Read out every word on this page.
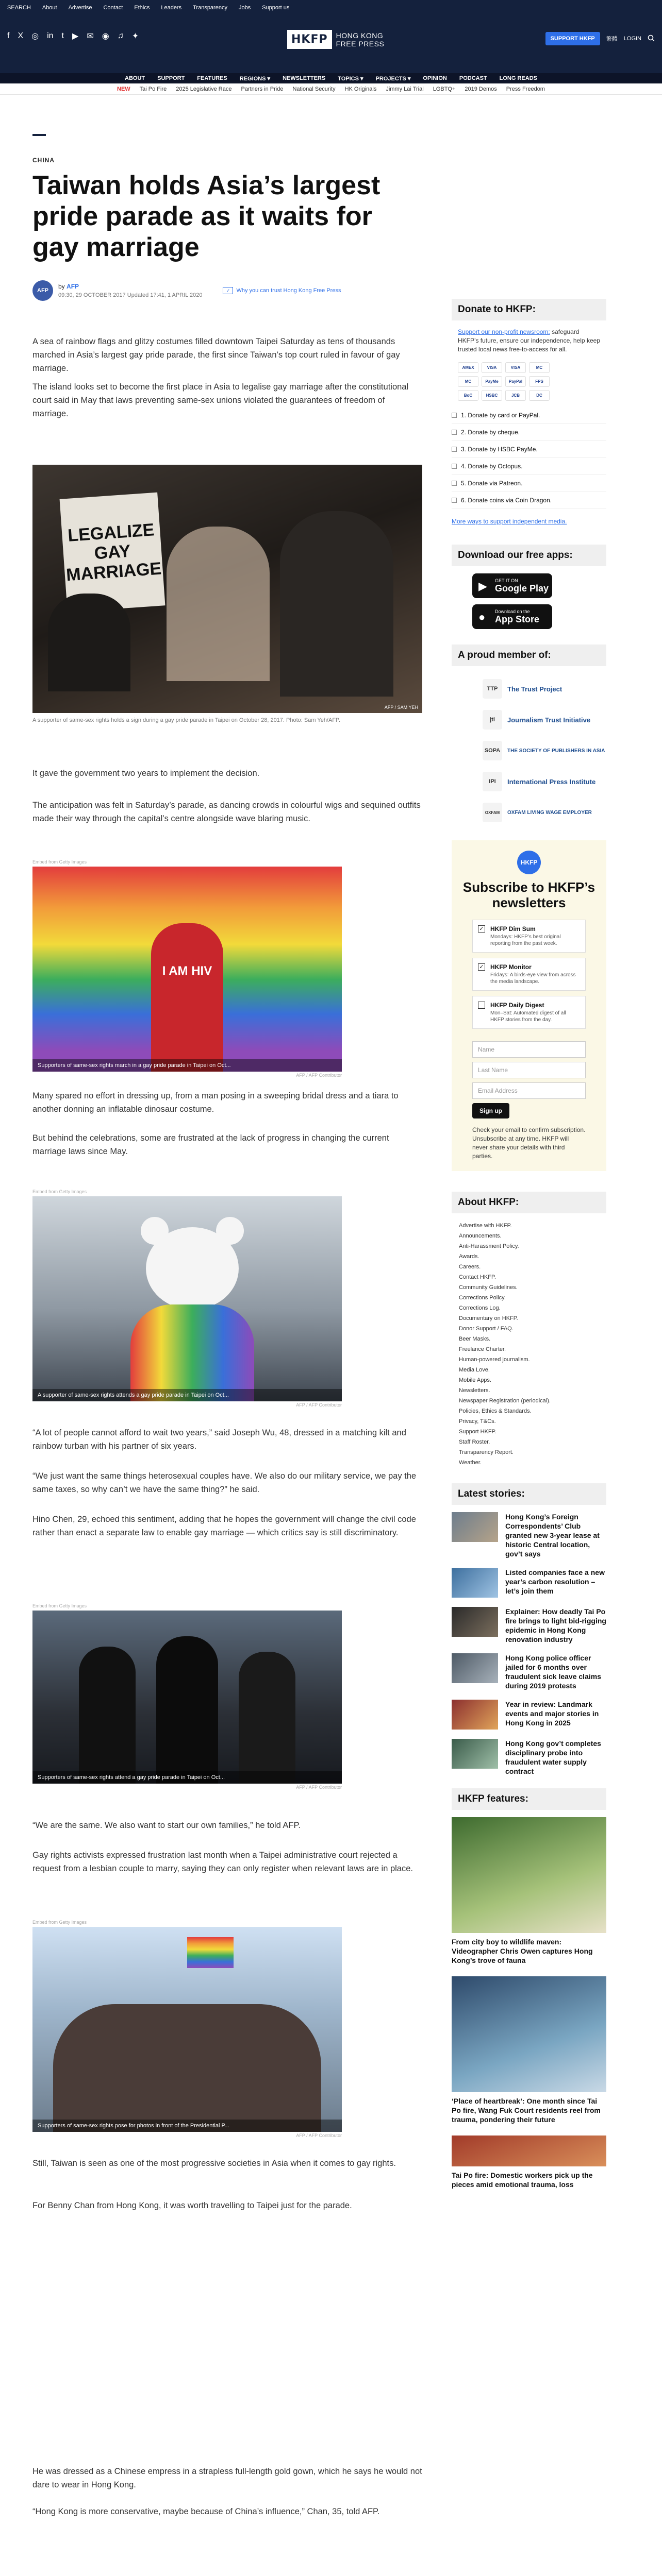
SEARCH About Advertise Contact Ethics Leaders Transparency Jobs Support us
f X ◎ in t ▶ ✉ ◉ ♫ ✦	HKFP	HONG KONG
FREE PRESS
SUPPORT HKFP	繁體 LOGIN
ABOUT SUPPORT FEATURES REGIONS ▾ NEWSLETTERS TOPICS ▾ PROJECTS ▾ OPINION PODCAST LONG READS
NEW Tai Po Fire 2025 Legislative Race Partners in Pride National Security HK Originals Jimmy Lai Trial LGBTQ+ 2019 Demos Press Freedom
CHINA
Taiwan holds Asia’s largest pride parade as it waits for gay marriage
AFP
by AFP
09:30, 29 OCTOBER 2017 Updated 17:41, 1 APRIL 2020
✓	Why you can trust Hong Kong Free Press

A sea of rainbow flags and glitzy costumes filled downtown Taipei Saturday as tens of thousands marched in Asia’s largest gay pride parade, the first since Taiwan’s top court ruled in favour of gay marriage.

The island looks set to become the first place in Asia to legalise gay marriage after the constitutional court said in May that laws preventing same-sex unions violated the guarantees of freedom of marriage.

LEGALIZE GAY MARRIAGE
AFP / SAM YEH
A supporter of same-sex rights holds a sign during a gay pride parade in Taipei on October 28, 2017. Photo: Sam Yeh/AFP.

It gave the government two years to implement the decision.

The anticipation was felt in Saturday’s parade, as dancing crowds in colourful wigs and sequined outfits made their way through the capital’s centre alongside wave blaring music.

Embed from Getty Images
I AM HIV
Supporters of same-sex rights march in a gay pride parade in Taipei on Oct...
AFP / AFP Contributor

Many spared no effort in dressing up, from a man posing in a sweeping bridal dress and a tiara to another donning an inflatable dinosaur costume.

But behind the celebrations, some are frustrated at the lack of progress in changing the current marriage laws since May.

Embed from Getty Images
A supporter of same-sex rights attends a gay pride parade in Taipei on Oct...
AFP / AFP Contributor

“A lot of people cannot afford to wait two years,” said Joseph Wu, 48, dressed in a matching kilt and rainbow turban with his partner of six years.

“We just want the same things heterosexual couples have. We also do our military service, we pay the same taxes, so why can’t we have the same thing?” he said.

Hino Chen, 29, echoed this sentiment, adding that he hopes the government will change the civil code rather than enact a separate law to enable gay marriage — which critics say is still discriminatory.

Embed from Getty Images
Supporters of same-sex rights attend a gay pride parade in Taipei on Oct...
AFP / AFP Contributor

“We are the same. We also want to start our own families,” he told AFP.

Gay rights activists expressed frustration last month when a Taipei administrative court rejected a request from a lesbian couple to marry, saying they can only register when relevant laws are in place.

Embed from Getty Images
Supporters of same-sex rights pose for photos in front of the Presidential P...
AFP / AFP Contributor

Still, Taiwan is seen as one of the most progressive societies in Asia when it comes to gay rights.

For Benny Chan from Hong Kong, it was worth travelling to Taipei just for the parade.

He was dressed as a Chinese empress in a strapless full-length gold gown, which he says he would not dare to wear in Hong Kong.

“Hong Kong is more conservative, maybe because of China’s influence,” Chan, 35, told AFP.

Donate to HKFP:
Support our non-profit newsroom: safeguard HKFP’s future, ensure our independence, help keep trusted local news free-to-access for all.
AMEX	VISA	VISA	MC
MC	PayMe	PayPal	FPS
BoC	HSBC	JCB	DC
1. Donate by card or PayPal.
2. Donate by cheque.
3. Donate by HSBC PayMe.
4. Donate by Octopus.
5. Donate via Patreon.
6. Donate coins via Coin Dragon.
More ways to support independent media.
Download our free apps:
▶ GET IT ON
Google Play
● Download on the
App Store
A proud member of:
TTP	The Trust Project
jti	Journalism Trust Initiative
SOPA	THE SOCIETY OF PUBLISHERS IN ASIA
IPI	International Press Institute
OXFAM	OXFAM LIVING WAGE EMPLOYER
HKFP
Subscribe to HKFP’s newsletters
✓ HKFP Dim Sum
Mondays: HKFP’s best original reporting from the past week.
✓ HKFP Monitor
Fridays: A birds-eye view from across the media landscape.
HKFP Daily Digest
Mon–Sat: Automated digest of all HKFP stories from the day.
Name
Last Name
Email Address
Sign up
Check your email to confirm subscription. Unsubscribe at any time. HKFP will never share your details with third parties.
About HKFP:
Advertise with HKFP.
Announcements.
Anti-Harassment Policy.
Awards.
Careers.
Contact HKFP.
Community Guidelines.
Corrections Policy.
Corrections Log.
Documentary on HKFP.
Donor Support / FAQ.
Beer Masks.
Freelance Charter.
Human-powered journalism.
Media Love.
Mobile Apps.
Newsletters.
Newspaper Registration (periodical).
Policies, Ethics & Standards.
Privacy, T&Cs.
Support HKFP.
Staff Roster.
Transparency Report.
Weather.
Latest stories:
Hong Kong’s Foreign Correspondents’ Club granted new 3-year lease at historic Central location, gov’t says
Listed companies face a new year’s carbon resolution – let’s join them
Explainer: How deadly Tai Po fire brings to light bid-rigging epidemic in Hong Kong renovation industry
Hong Kong police officer jailed for 6 months over fraudulent sick leave claims during 2019 protests
Year in review: Landmark events and major stories in Hong Kong in 2025
Hong Kong gov’t completes disciplinary probe into fraudulent water supply contract
HKFP features:
From city boy to wildlife maven: Videographer Chris Owen captures Hong Kong’s trove of fauna
‘Place of heartbreak’: One month since Tai Po fire, Wang Fuk Court residents reel from trauma, pondering their future
Tai Po fire: Domestic workers pick up the pieces amid emotional trauma, loss
